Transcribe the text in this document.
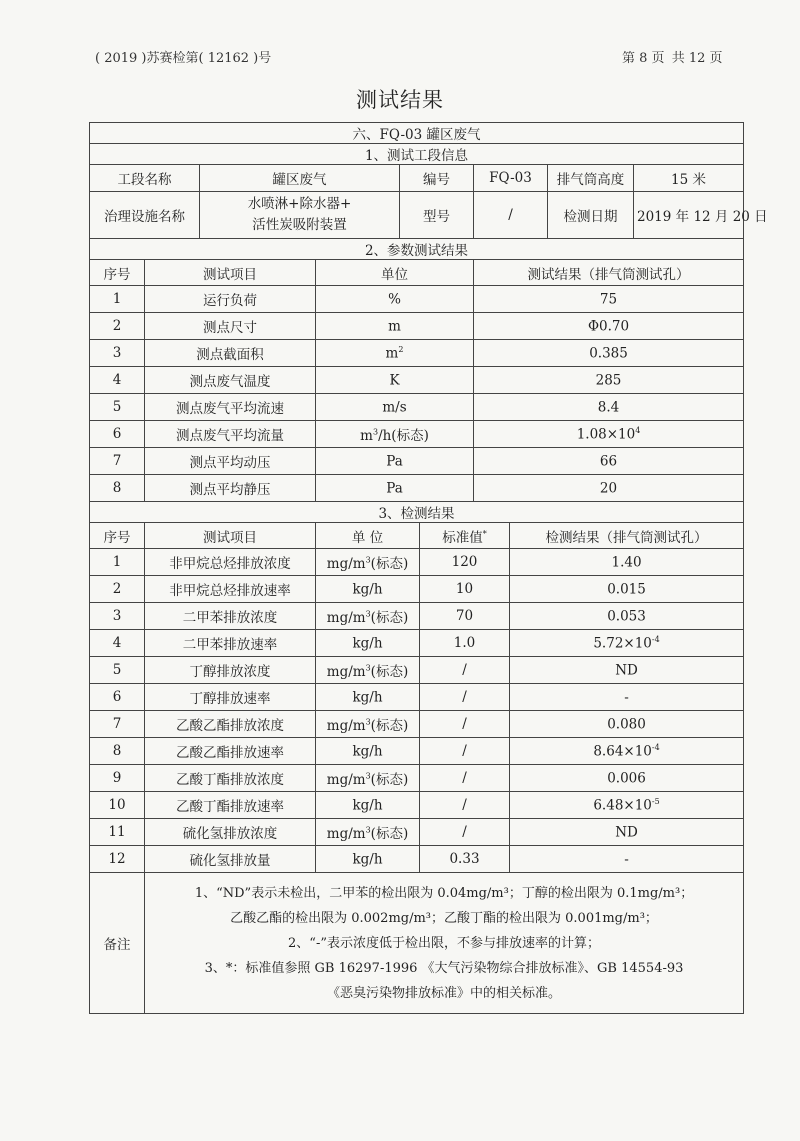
( 2019 )苏赛检第( 12162 )号	第 8 页 共 12 页
测试结果
六、FQ-03 罐区废气									
1、测试工段信息									
工段名称		罐区废气		编号		FQ-03		排气筒高度	15 米
治理设施名称		水喷淋+除水器+
活性炭吸附装置		型号		/		检测日期	2019 年 12 月 20 日
2、参数测试结果									
序号	测试项目		单位			测试结果（排气筒测试孔）			
1	运行负荷		%			75			
2	测点尺寸		m			Φ0.70			
3	测点截面积		$m^2$			0.385			
4	测点废气温度		K			285			
5	测点废气平均流速		m/s			8.4			
6	测点废气平均流量		$m^3/h$(标态)			$1.08\times 10^4$
7	测点平均动压		Pa			66			
8	测点平均静压		Pa			20			
3、检测结果									
序号	测试项目		单 位		标准值*		检测结果（排气筒测试孔）		
1	非甲烷总烃排放浓度		$mg/m^3$(标态)		120		1.40		
2	非甲烷总烃排放速率		kg/h		10		0.015		
3	二甲苯排放浓度		$mg/m^3$(标态)		70		0.053		
4	二甲苯排放速率		kg/h		1.0		$5.72\times 10^{-4}$
5	丁醇排放浓度		$mg/m^3$(标态)		/		ND		
6	丁醇排放速率		kg/h		/		-		
7	乙酸乙酯排放浓度		$mg/m^3$(标态)		/		0.080		
8	乙酸乙酯排放速率		kg/h		/		$8.64\times 10^{-4}$
9	乙酸丁酯排放浓度		$mg/m^3$(标态)		/		0.006		
10	乙酸丁酯排放速率		kg/h		/		$6.48\times 10^{-5}$
11	硫化氢排放浓度		$mg/m^3$(标态)		/		ND		
12	硫化氢排放量		kg/h		0.33		-		
备注	1、“ND”表示未检出，二甲苯的检出限为 0.04mg/m³；丁醇的检出限为 0.1mg/m³；
乙酸乙酯的检出限为 0.002mg/m³；乙酸丁酯的检出限为 0.001mg/m³；
2、“-”表示浓度低于检出限，不参与排放速率的计算；
3、*：标准值参照 GB 16297-1996 《大气污染物综合排放标准》、GB 14554-93
《恶臭污染物排放标准》中的相关标准。								
